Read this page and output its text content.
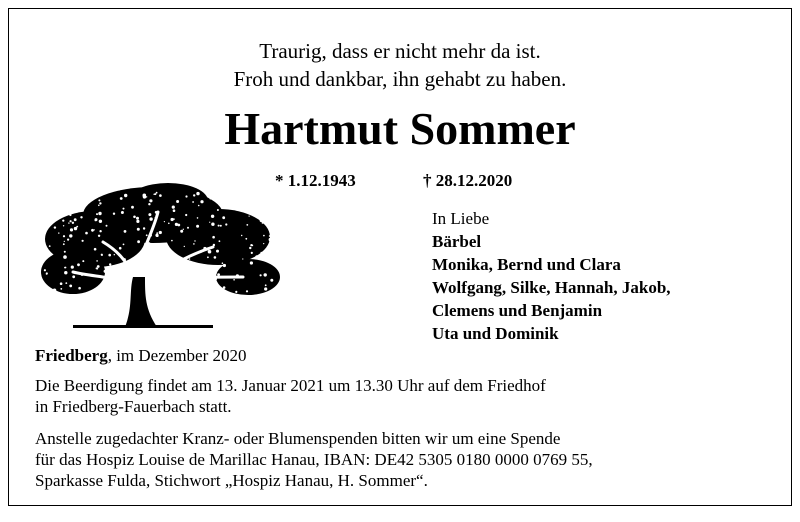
Traurig, dass er nicht mehr da ist.
Froh und dankbar, ihn gehabt zu haben.
Hartmut Sommer
* 1.12.1943	† 28.12.2020
In Liebe
Bärbel
Monika, Bernd und Clara
Wolfgang, Silke, Hannah, Jakob,
Clemens und Benjamin
Uta und Dominik
Friedberg, im Dezember 2020
Die Beerdigung findet am 13. Januar 2021 um 13.30 Uhr auf dem Friedhof
in Friedberg-Fauerbach statt.
Anstelle zugedachter Kranz- oder Blumenspenden bitten wir um eine Spende
für das Hospiz Louise de Marillac Hanau, IBAN: DE42 5305 0180 0000 0769 55,
Sparkasse Fulda, Stichwort „Hospiz Hanau, H. Sommer“.
